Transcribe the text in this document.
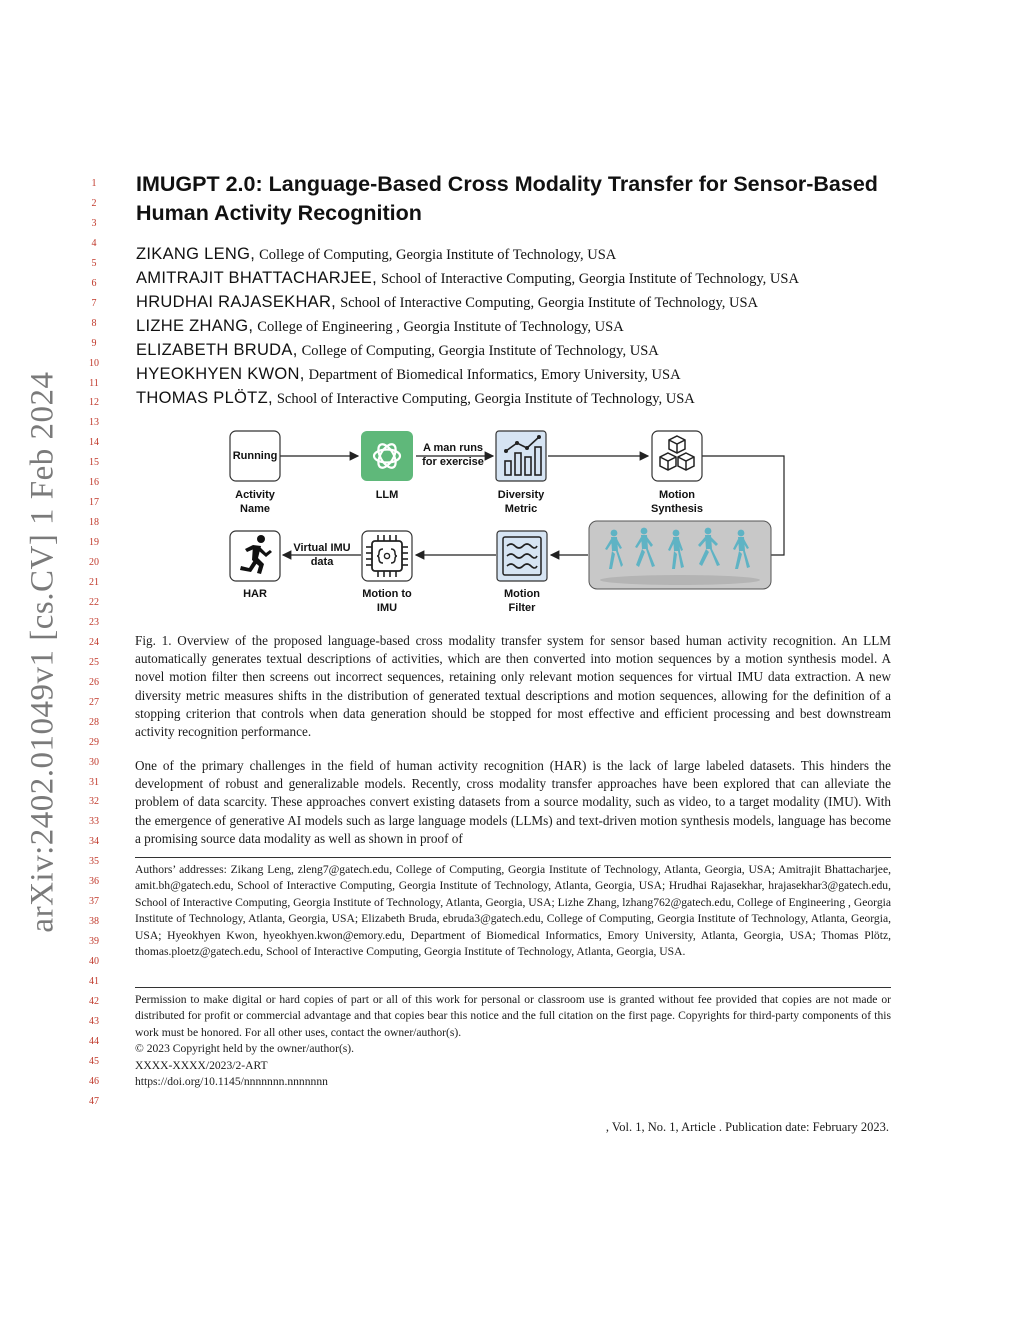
arXiv:2402.01049v1 [cs.CV] 1 Feb 2024
1
2
3
4
5
6
7
8
9
10
11
12
13
14
15
16
17
18
19
20
21
22
23
24
25
26
27
28
29
30
31
32
33
34
35
36
37
38
39
40
41
42
43
44
45
46
47
IMUGPT 2.0: Language-Based Cross Modality Transfer for Sensor-Based Human Activity Recognition
ZIKANG LENG, College of Computing, Georgia Institute of Technology, USA
AMITRAJIT BHATTACHARJEE, School of Interactive Computing, Georgia Institute of Technology, USA
HRUDHAI RAJASEKHAR, School of Interactive Computing, Georgia Institute of Technology, USA
LIZHE ZHANG, College of Engineering , Georgia Institute of Technology, USA
ELIZABETH BRUDA, College of Computing, Georgia Institute of Technology, USA
HYEOKHYEN KWON, Department of Biomedical Informatics, Emory University, USA
THOMAS PLÖTZ, School of Interactive Computing, Georgia Institute of Technology, USA
Running
Activity
Name
LLM
A man runs
for exercise
Diversity
Metric
Motion
Synthesis
HAR
Virtual IMU
data
Motion to
IMU
Motion
Filter
Fig. 1. Overview of the proposed language-based cross modality transfer system for sensor based human activity recognition. An LLM automatically generates textual descriptions of activities, which are then converted into motion sequences by a motion synthesis model. A novel motion filter then screens out incorrect sequences, retaining only relevant motion sequences for virtual IMU data extraction. A new diversity metric measures shifts in the distribution of generated textual descriptions and motion sequences, allowing for the definition of a stopping criterion that controls when data generation should be stopped for most effective and efficient processing and best downstream activity recognition performance.
One of the primary challenges in the field of human activity recognition (HAR) is the lack of large labeled datasets. This hinders the development of robust and generalizable models. Recently, cross modality transfer approaches have been explored that can alleviate the problem of data scarcity. These approaches convert existing datasets from a source modality, such as video, to a target modality (IMU). With the emergence of generative AI models such as large language models (LLMs) and text-driven motion synthesis models, language has become a promising source data modality as well as shown in proof of
Authors’ addresses: Zikang Leng, zleng7@gatech.edu, College of Computing, Georgia Institute of Technology, Atlanta, Georgia, USA; Amitrajit Bhattacharjee, amit.bh@gatech.edu, School of Interactive Computing, Georgia Institute of Technology, Atlanta, Georgia, USA; Hrudhai Rajasekhar, hrajasekhar3@gatech.edu, School of Interactive Computing, Georgia Institute of Technology, Atlanta, Georgia, USA; Lizhe Zhang, lzhang762@gatech.edu, College of Engineering , Georgia Institute of Technology, Atlanta, Georgia, USA; Elizabeth Bruda, ebruda3@gatech.edu, College of Computing, Georgia Institute of Technology, Atlanta, Georgia, USA; Hyeokhyen Kwon, hyeokhyen.kwon@emory.edu, Department of Biomedical Informatics, Emory University, Atlanta, Georgia, USA; Thomas Plötz, thomas.ploetz@gatech.edu, School of Interactive Computing, Georgia Institute of Technology, Atlanta, Georgia, USA.
Permission to make digital or hard copies of part or all of this work for personal or classroom use is granted without fee provided that copies are not made or distributed for profit or commercial advantage and that copies bear this notice and the full citation on the first page. Copyrights for third-party components of this work must be honored. For all other uses, contact the owner/author(s).
© 2023 Copyright held by the owner/author(s).
XXXX-XXXX/2023/2-ART
https://doi.org/10.1145/nnnnnnn.nnnnnnn
, Vol. 1, No. 1, Article . Publication date: February 2023.
